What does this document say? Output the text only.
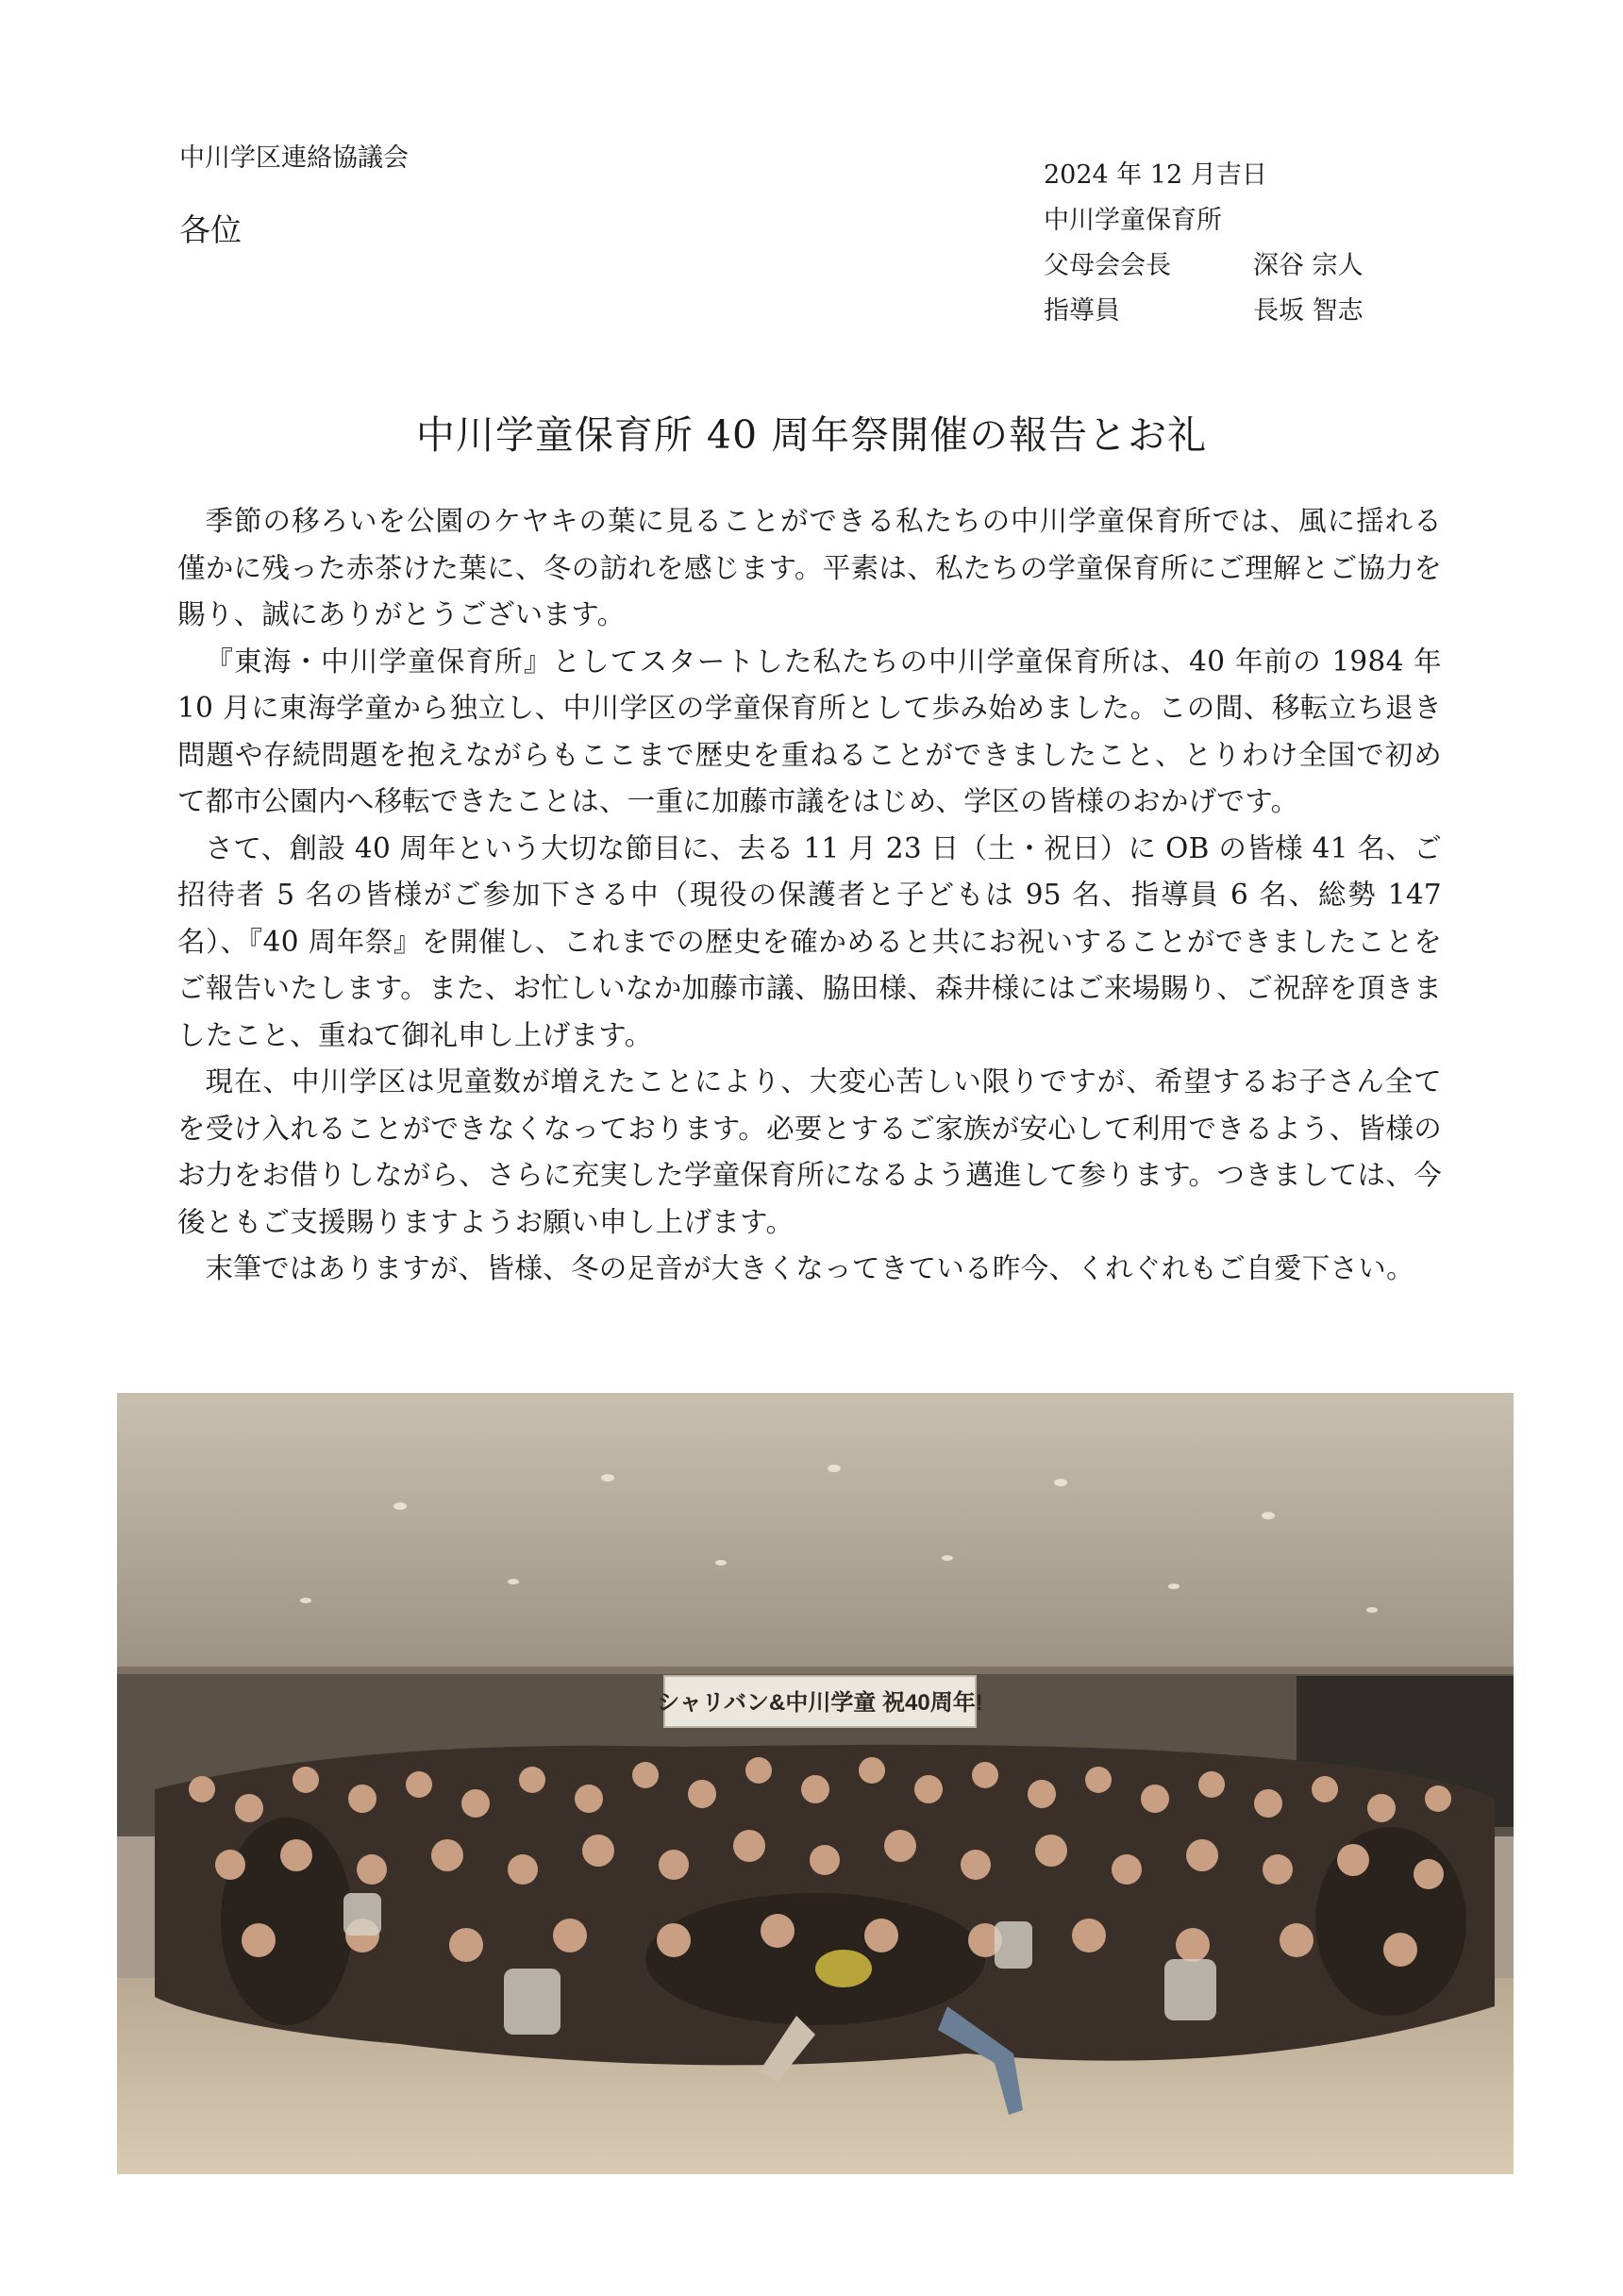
中川学区連絡協議会
各位
2024 年 12 月吉日
中川学童保育所
父母会会長	深谷 宗人
指導員	長坂 智志
中川学童保育所 40 周年祭開催の報告とお礼

季節の移ろいを公園のケヤキの葉に見ることができる私たちの中川学童保育所では、風に揺れる僅かに残った赤茶けた葉に、冬の訪れを感じます。平素は、私たちの学童保育所にご理解とご協力を賜り、誠にありがとうございます。

『東海・中川学童保育所』としてスタートした私たちの中川学童保育所は、40 年前の 1984 年 10 月に東海学童から独立し、中川学区の学童保育所として歩み始めました。この間、移転立ち退き問題や存続問題を抱えながらもここまで歴史を重ねることができましたこと、とりわけ全国で初めて都市公園内へ移転できたことは、一重に加藤市議をはじめ、学区の皆様のおかげです。

さて、創設 40 周年という大切な節目に、去る 11 月 23 日（土・祝日）に OB の皆様 41 名、ご招待者 5 名の皆様がご参加下さる中（現役の保護者と子どもは 95 名、指導員 6 名、総勢 147 名）、『40 周年祭』を開催し、これまでの歴史を確かめると共にお祝いすることができましたことをご報告いたします。また、お忙しいなか加藤市議、脇田様、森井様にはご来場賜り、ご祝辞を頂きましたこと、重ねて御礼申し上げます。

現在、中川学区は児童数が増えたことにより、大変心苦しい限りですが、希望するお子さん全てを受け入れることができなくなっております。必要とするご家族が安心して利用できるよう、皆様のお力をお借りしながら、さらに充実した学童保育所になるよう邁進して参ります。つきましては、今後ともご支援賜りますようお願い申し上げます。

末筆ではありますが、皆様、冬の足音が大きくなってきている昨今、くれぐれもご自愛下さい。

シャリバン&中川学童 祝40周年!
